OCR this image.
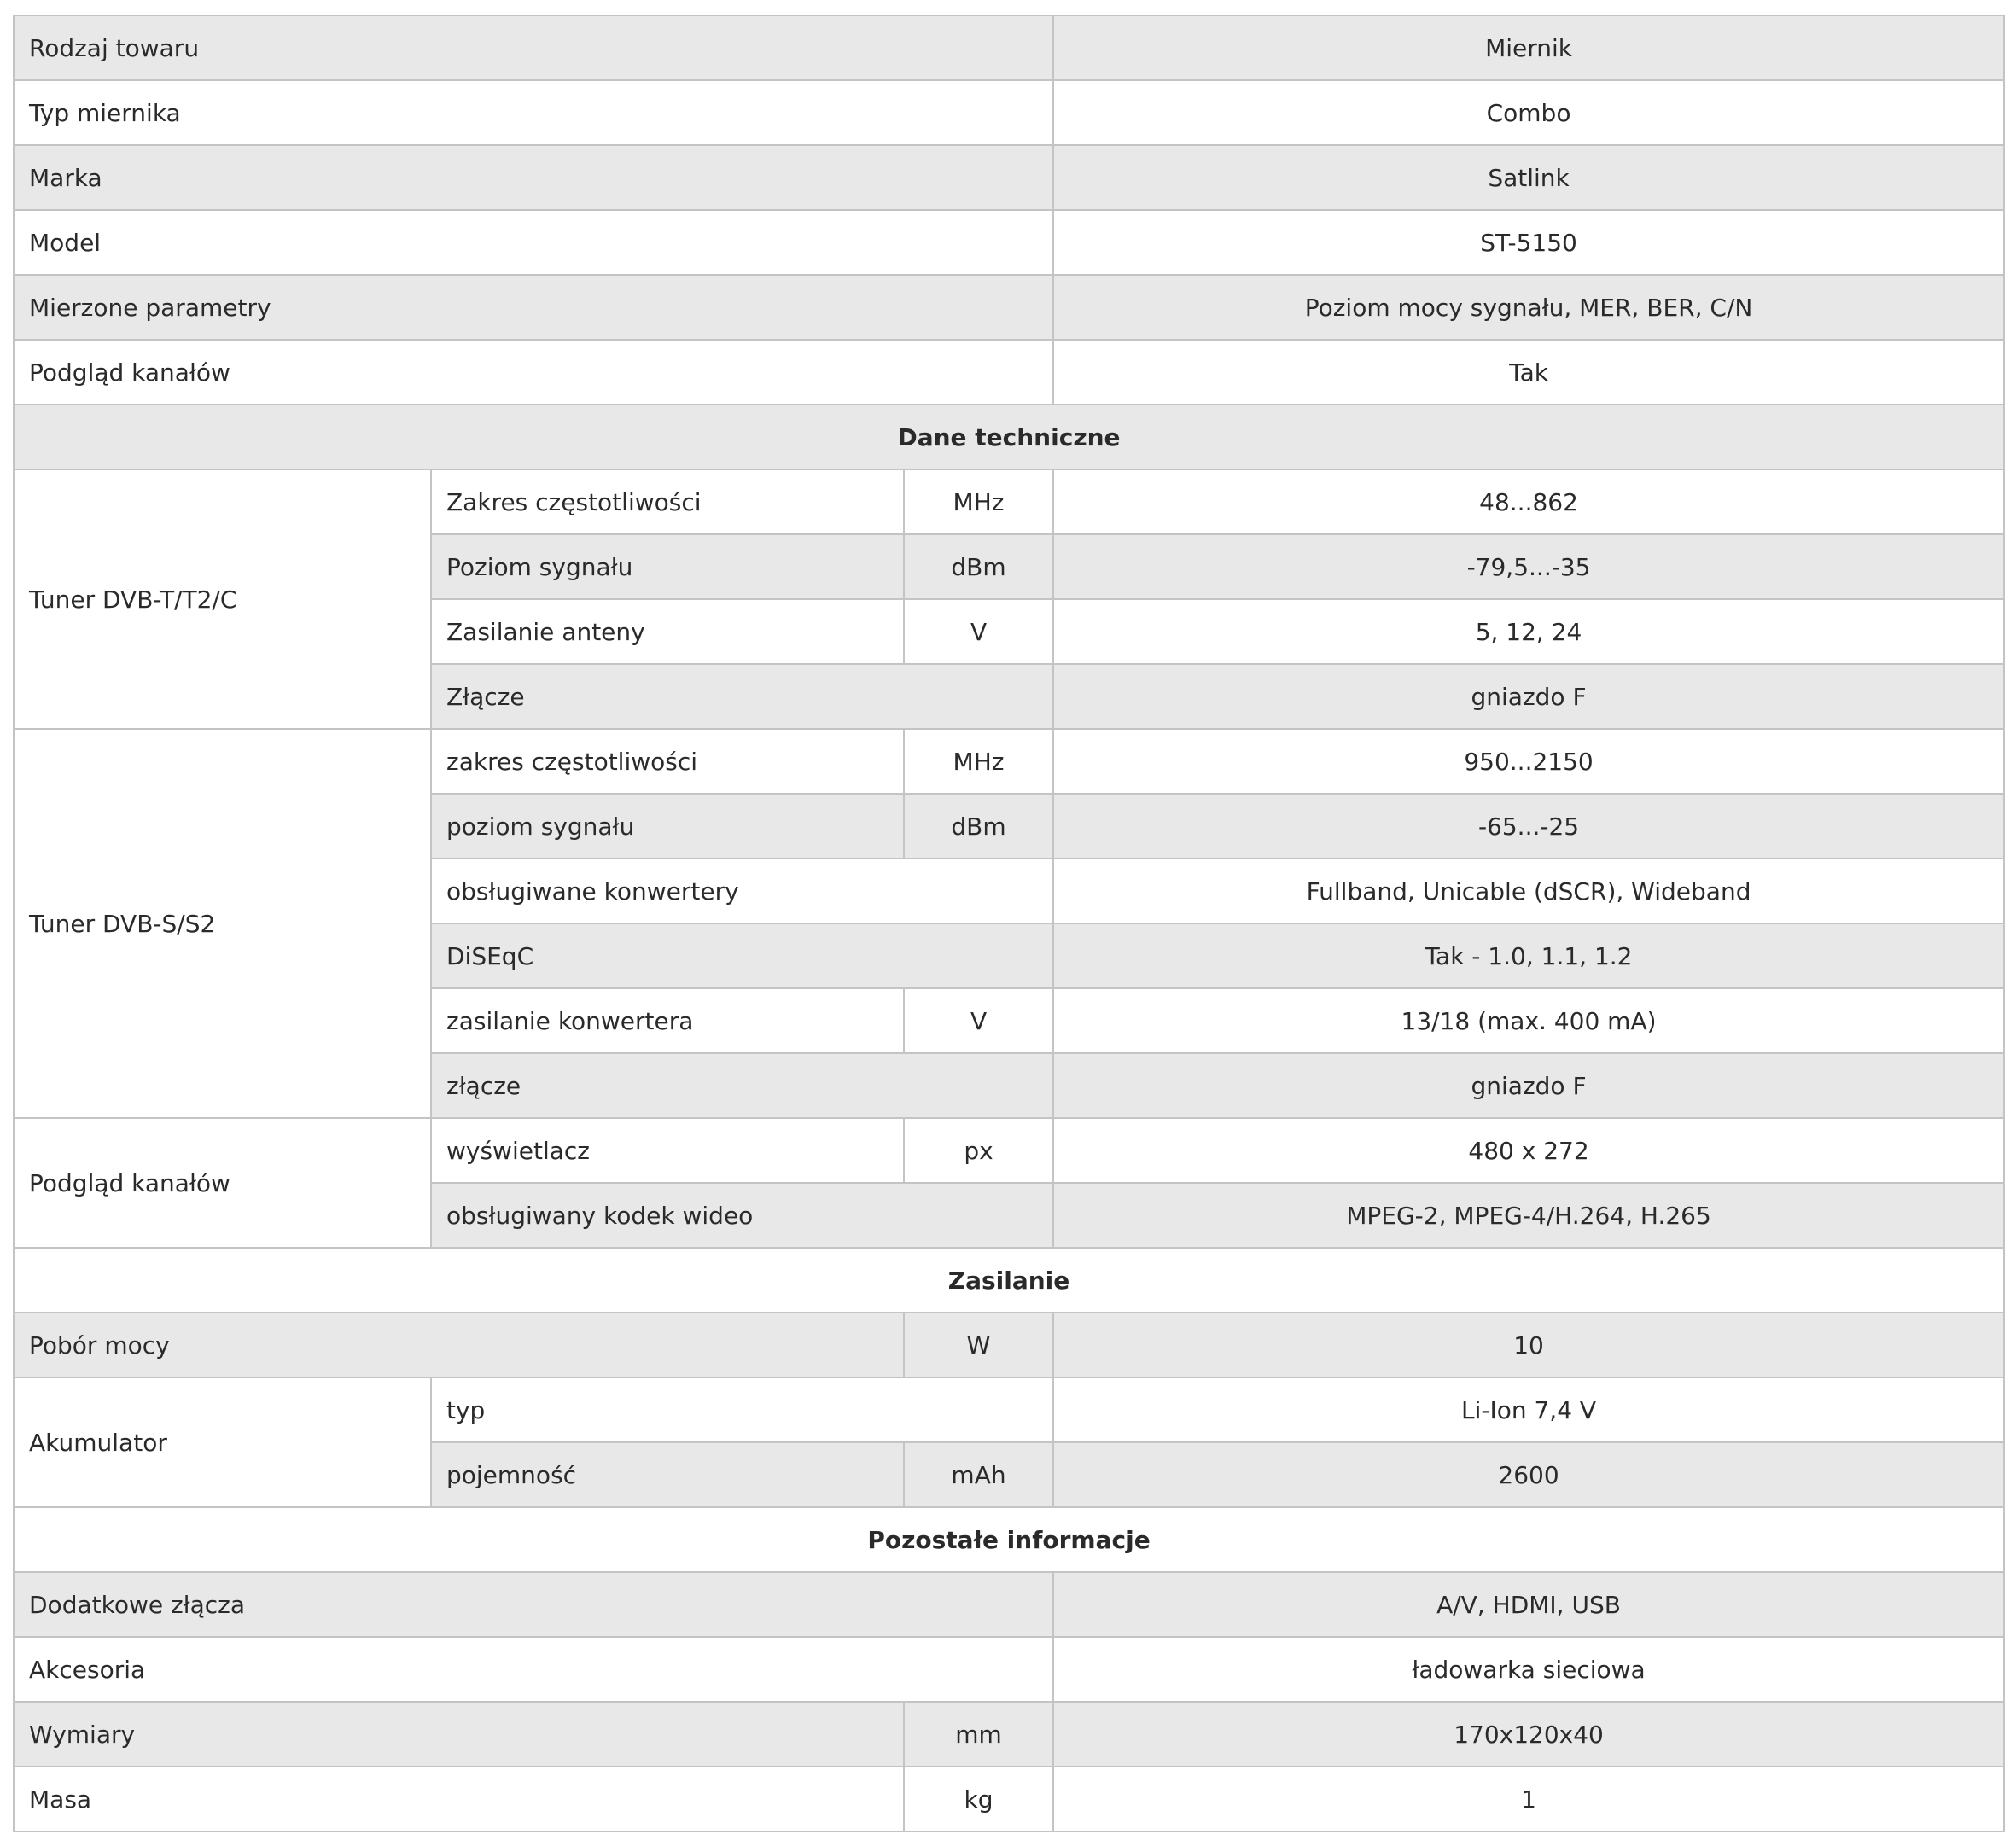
Rodzaj towaru			Miernik
Typ miernika			Combo
Marka			Satlink
Model			ST-5150
Mierzone parametry			Poziom mocy sygnału, MER, BER, C/N
Podgląd kanałów			Tak
Dane techniczne			
Tuner DVB-T/T2/C	Zakres częstotliwości	MHz	48...862
	Poziom sygnału	dBm	-79,5...-35
	Zasilanie anteny	V	5, 12, 24
	Złącze		gniazdo F
Tuner DVB-S/S2	zakres częstotliwości	MHz	950...2150
	poziom sygnału	dBm	-65...-25
	obsługiwane konwertery		Fullband, Unicable (dSCR), Wideband
	DiSEqC		Tak - 1.0, 1.1, 1.2
	zasilanie konwertera	V	13/18 (max. 400 mA)
	złącze		gniazdo F
Podgląd kanałów	wyświetlacz	px	480 x 272
	obsługiwany kodek wideo		MPEG-2, MPEG-4/H.264, H.265
Zasilanie			
Pobór mocy		W	10
Akumulator	typ		Li-Ion 7,4 V
	pojemność	mAh	2600
Pozostałe informacje			
Dodatkowe złącza			A/V, HDMI, USB
Akcesoria			ładowarka sieciowa
Wymiary		mm	170x120x40
Masa		kg	1
